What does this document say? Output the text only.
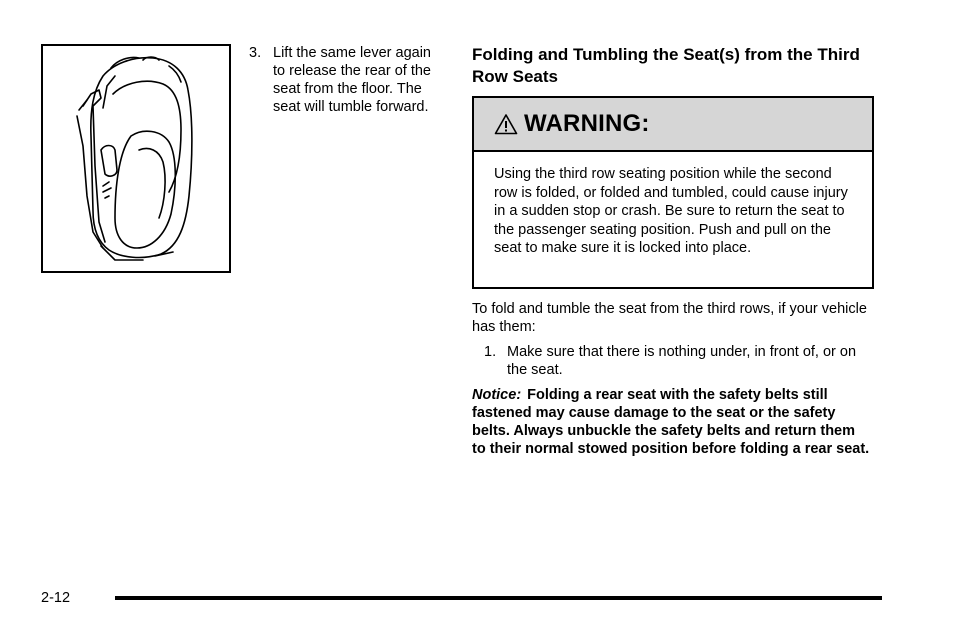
3. Lift the same lever again to release the rear of the seat from the floor. The seat will tumble forward.
Folding and Tumbling the Seat(s) from the Third Row Seats
WARNING:
Using the third row seating position while the second row is folded, or folded and tumbled, could cause injury in a sudden stop or crash. Be sure to return the seat to the passenger seating position. Push and pull on the seat to make sure it is locked into place.
To fold and tumble the seat from the third rows, if your vehicle has them:
1. Make sure that there is nothing under, in front of, or on the seat.
Notice: Folding a rear seat with the safety belts still fastened may cause damage to the seat or the safety belts. Always unbuckle the safety belts and return them to their normal stowed position before folding a rear seat.
2-12
